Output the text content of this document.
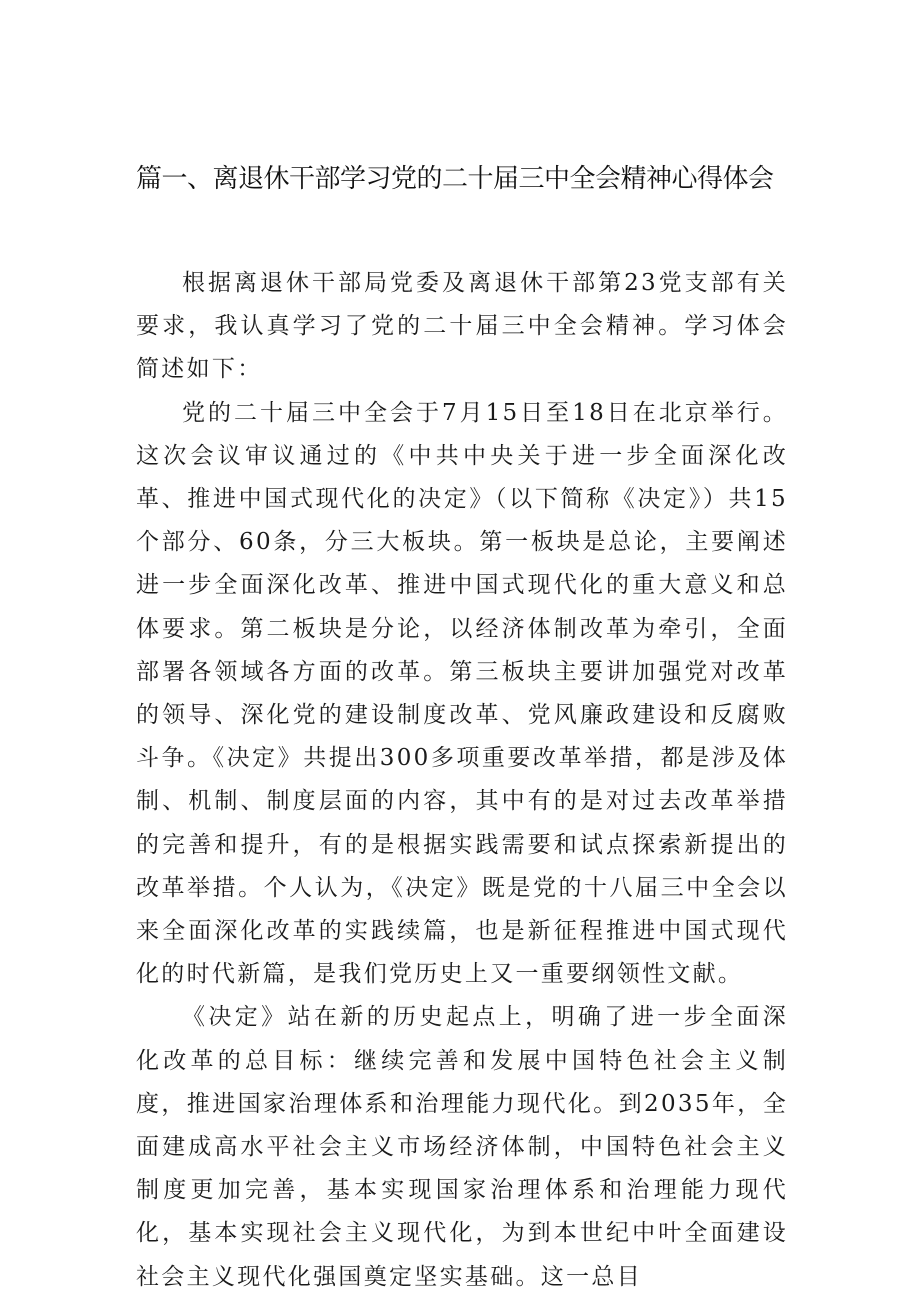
篇一、离退休干部学习党的二十届三中全会精神心得体会

根据离退休干部局党委及离退休干部第23党支部有关要求，我认真学习了党的二十届三中全会精神。学习体会简述如下：

党的二十届三中全会于7月15日至18日在北京举行。这次会议审议通过的《中共中央关于进一步全面深化改革、推进中国式现代化的决定》（以下简称《决定》）共15个部分、60条，分三大板块。第一板块是总论，主要阐述进一步全面深化改革、推进中国式现代化的重大意义和总体要求。第二板块是分论，以经济体制改革为牵引，全面部署各领域各方面的改革。第三板块主要讲加强党对改革的领导、深化党的建设制度改革、党风廉政建设和反腐败斗争。《决定》共提出300多项重要改革举措，都是涉及体制、机制、制度层面的内容，其中有的是对过去改革举措的完善和提升，有的是根据实践需要和试点探索新提出的改革举措。个人认为，《决定》既是党的十八届三中全会以来全面深化改革的实践续篇，也是新征程推进中国式现代化的时代新篇，是我们党历史上又一重要纲领性文献。

《决定》站在新的历史起点上，明确了进一步全面深化改革的总目标：继续完善和发展中国特色社会主义制度，推进国家治理体系和治理能力现代化。到2035年，全面建成高水平社会主义市场经济体制，中国特色社会主义制度更加完善，基本实现国家治理体系和治理能力现代化，基本实现社会主义现代化，为到本世纪中叶全面建设社会主义现代化强国奠定坚实基础。这一总目
